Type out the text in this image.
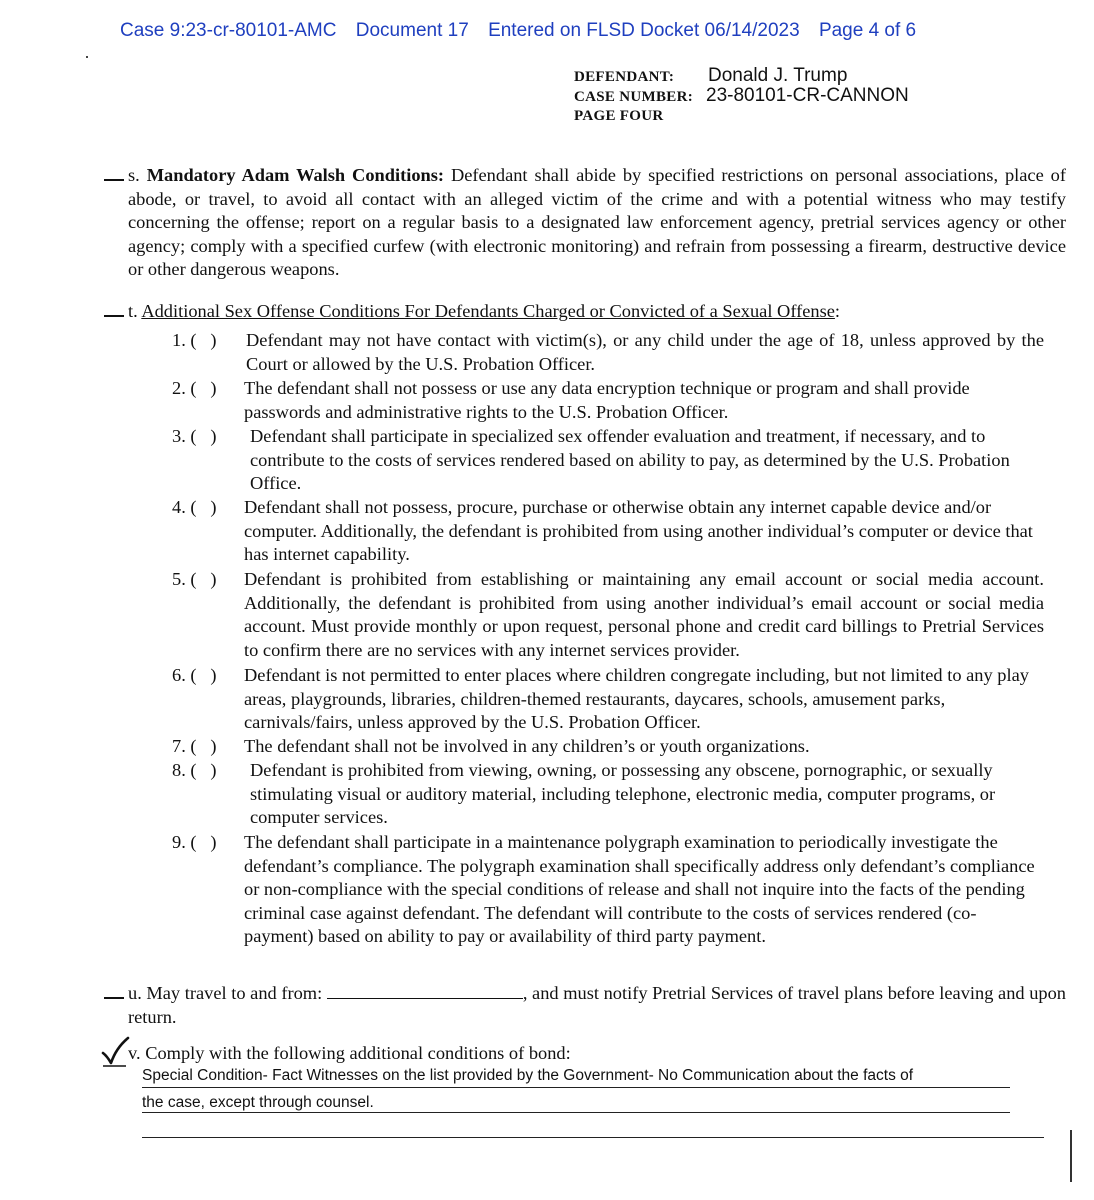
Case 9:23-cr-80101-AMC Document 17 Entered on FLSD Docket 06/14/2023 Page 4 of 6
DEFENDANT: Donald J. Trump
CASE NUMBER: 23-80101-CR-CANNON
PAGE FOUR
s. Mandatory Adam Walsh Conditions: Defendant shall abide by specified restrictions on personal associations, place of abode, or travel, to avoid all contact with an alleged victim of the crime and with a potential witness who may testify concerning the offense; report on a regular basis to a designated law enforcement agency, pretrial services agency or other agency; comply with a specified curfew (with electronic monitoring) and refrain from possessing a firearm, destructive device or other dangerous weapons.
t. Additional Sex Offense Conditions For Defendants Charged or Convicted of a Sexual Offense:
1. (   )	Defendant may not have contact with victim(s), or any child under the age of 18, unless approved by the Court or allowed by the U.S. Probation Officer.
2. (   )	The defendant shall not possess or use any data encryption technique or program and shall provide passwords and administrative rights to the U.S. Probation Officer.
3. (   )	Defendant shall participate in specialized sex offender evaluation and treatment, if necessary, and to contribute to the costs of services rendered based on ability to pay, as determined by the U.S. Probation Office.
4. (   )	Defendant shall not possess, procure, purchase or otherwise obtain any internet capable device and/or computer. Additionally, the defendant is prohibited from using another individual’s computer or device that has internet capability.
5. (   )	Defendant is prohibited from establishing or maintaining any email account or social media account. Additionally, the defendant is prohibited from using another individual’s email account or social media account. Must provide monthly or upon request, personal phone and credit card billings to Pretrial Services to confirm there are no services with any internet services provider.
6. (   )	Defendant is not permitted to enter places where children congregate including, but not limited to any play areas, playgrounds, libraries, children-themed restaurants, daycares, schools, amusement parks, carnivals/fairs, unless approved by the U.S. Probation Officer.
7. (   )	The defendant shall not be involved in any children’s or youth organizations.
8. (   )	Defendant is prohibited from viewing, owning, or possessing any obscene, pornographic, or sexually stimulating visual or auditory material, including telephone, electronic media, computer programs, or computer services.
9. (   )	The defendant shall participate in a maintenance polygraph examination to periodically investigate the defendant’s compliance. The polygraph examination shall specifically address only defendant’s compliance or non-compliance with the special conditions of release and shall not inquire into the facts of the pending criminal case against defendant. The defendant will contribute to the costs of services rendered (co-payment) based on ability to pay or availability of third party payment.
u. May travel to and from:	, and must notify Pretrial Services of travel plans before leaving and upon return.
v. Comply with the following additional conditions of bond:
Special Condition- Fact Witnesses on the list provided by the Government- No Communication about the facts of
the case, except through counsel.
